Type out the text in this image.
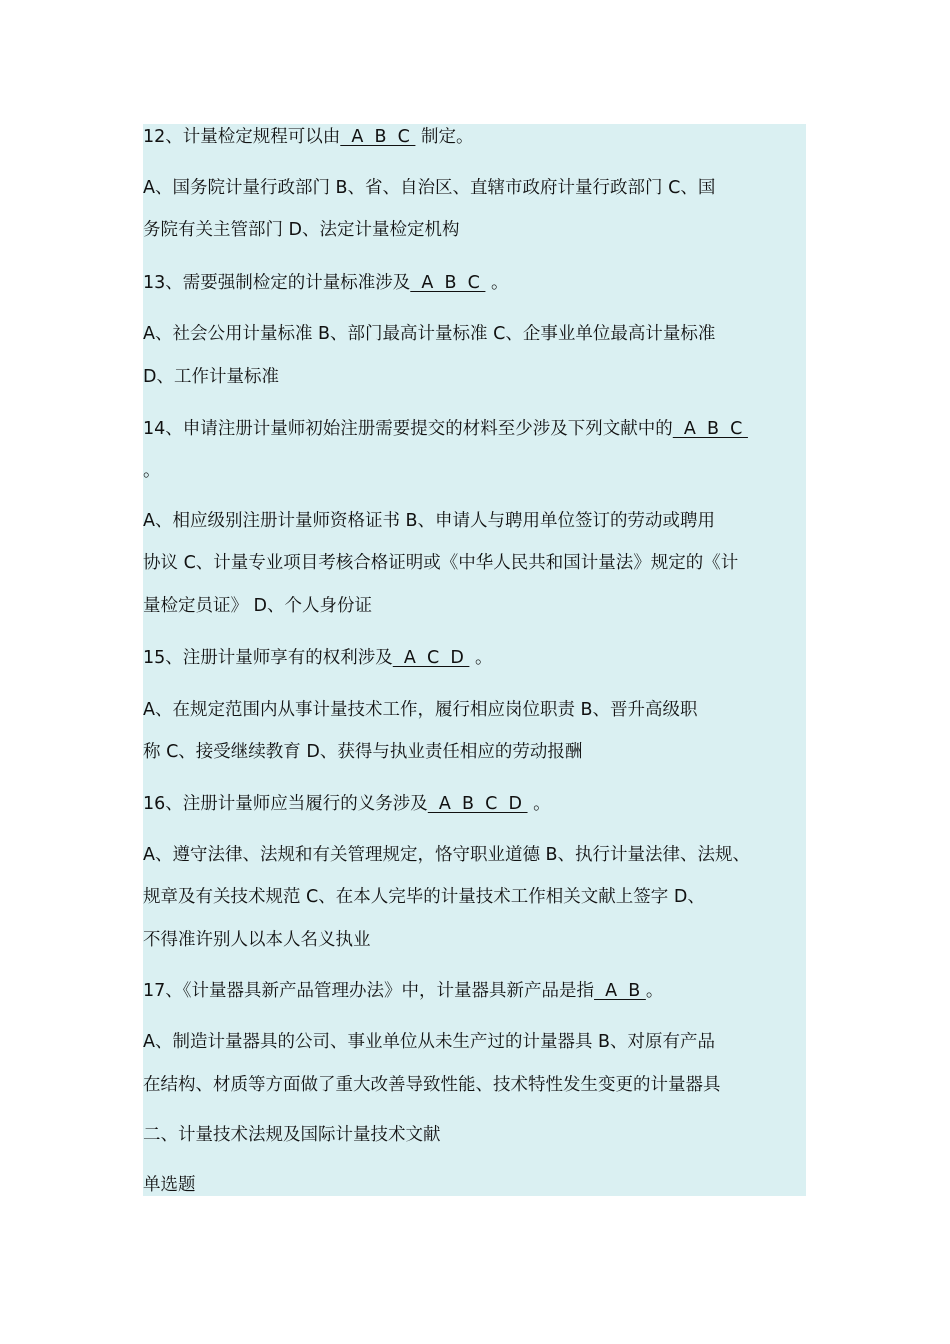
12、计量检定规程可以由  A  B  C  制定。
A、国务院计量行政部门 B、省、自治区、直辖市政府计量行政部门 C、国
务院有关主管部门 D、法定计量检定机构
13、需要强制检定的计量标准涉及  A  B  C  。
A、社会公用计量标准 B、部门最高计量标准 C、企事业单位最高计量标准
D、工作计量标准
14、申请注册计量师初始注册需要提交的材料至少涉及下列文献中的  A  B  C
。
A、相应级别注册计量师资格证书 B、申请人与聘用单位签订的劳动或聘用
协议 C、计量专业项目考核合格证明或《中华人民共和国计量法》规定的《计
量检定员证》 D、个人身份证
15、注册计量师享有的权利涉及  A  C  D  。
A、在规定范围内从事计量技术工作，履行相应岗位职责 B、晋升高级职
称 C、接受继续教育 D、获得与执业责任相应的劳动报酬
16、注册计量师应当履行的义务涉及  A  B  C  D  。
A、遵守法律、法规和有关管理规定，恪守职业道德 B、执行计量法律、法规、
规章及有关技术规范 C、在本人完毕的计量技术工作相关文献上签字 D、
不得准许别人以本人名义执业
17、《计量器具新产品管理办法》中，计量器具新产品是指  A  B 。
A、制造计量器具的公司、事业单位从未生产过的计量器具 B、对原有产品
在结构、材质等方面做了重大改善导致性能、技术特性发生变更的计量器具
二、计量技术法规及国际计量技术文献
单选题
